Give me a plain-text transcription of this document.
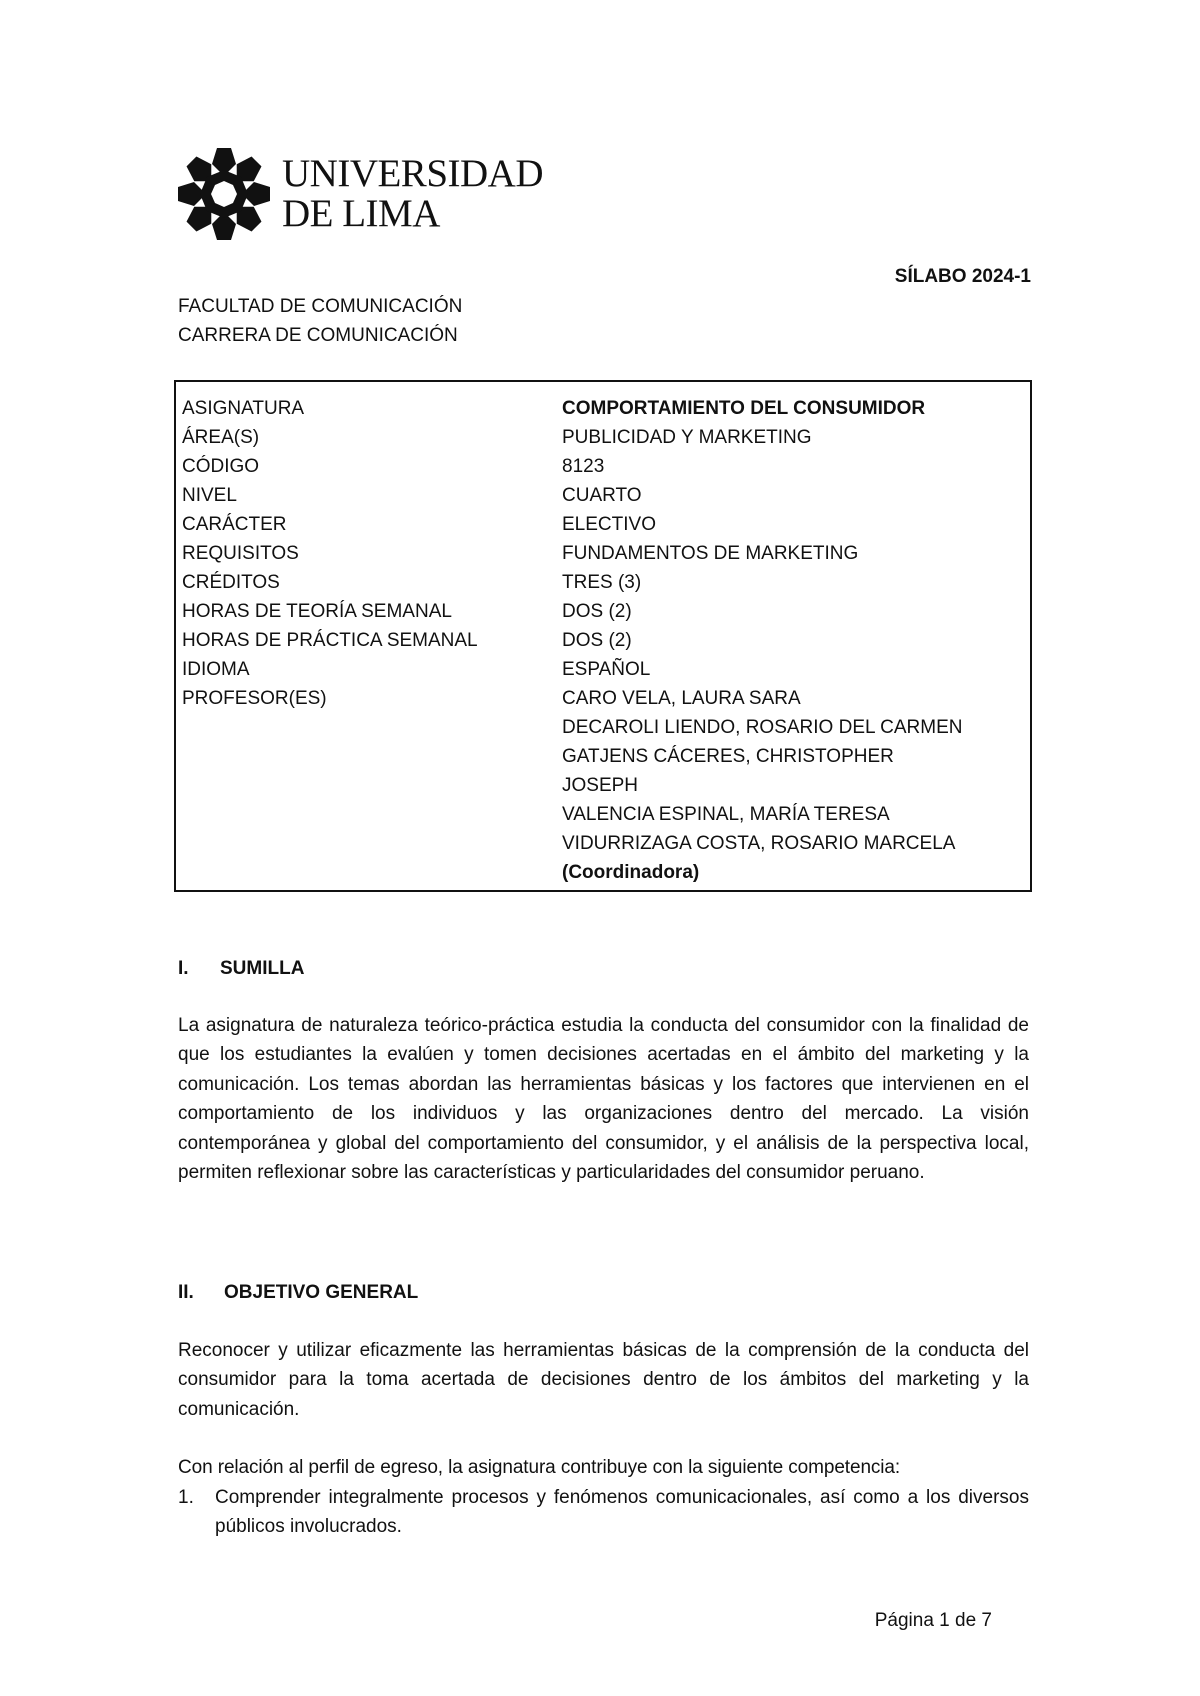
UNIVERSIDAD
DE LIMA
SÍLABO 2024-1
FACULTAD DE COMUNICACIÓN
CARRERA DE COMUNICACIÓN
ASIGNATURA	COMPORTAMIENTO DEL CONSUMIDOR
ÁREA(S)	PUBLICIDAD Y MARKETING
CÓDIGO	8123
NIVEL	CUARTO
CARÁCTER	ELECTIVO
REQUISITOS	FUNDAMENTOS DE MARKETING
CRÉDITOS	TRES (3)
HORAS DE TEORÍA SEMANAL	DOS (2)
HORAS DE PRÁCTICA SEMANAL	DOS (2)
IDIOMA	ESPAÑOL
PROFESOR(ES)	CARO VELA, LAURA SARA
DECAROLI LIENDO, ROSARIO DEL CARMEN
GATJENS CÁCERES, CHRISTOPHER
JOSEPH
VALENCIA ESPINAL, MARÍA TERESA
VIDURRIZAGA COSTA, ROSARIO MARCELA
(Coordinadora)
I. SUMILLA

La asignatura de naturaleza teórico-práctica estudia la conducta del consumidor con la finalidad de que los estudiantes la evalúen y tomen decisiones acertadas en el ámbito del marketing y la comunicación. Los temas abordan las herramientas básicas y los factores que intervienen en el comportamiento de los individuos y las organizaciones dentro del mercado. La visión contemporánea y global del comportamiento del consumidor, y el análisis de la perspectiva local, permiten reflexionar sobre las características y particularidades del consumidor peruano.

II. OBJETIVO GENERAL

Reconocer y utilizar eficazmente las herramientas básicas de la comprensión de la conducta del consumidor para la toma acertada de decisiones dentro de los ámbitos del marketing y la comunicación.

Con relación al perfil de egreso, la asignatura contribuye con la siguiente competencia:

1. Comprender integralmente procesos y fenómenos comunicacionales, así como a los diversos públicos involucrados.
Página 1 de 7
